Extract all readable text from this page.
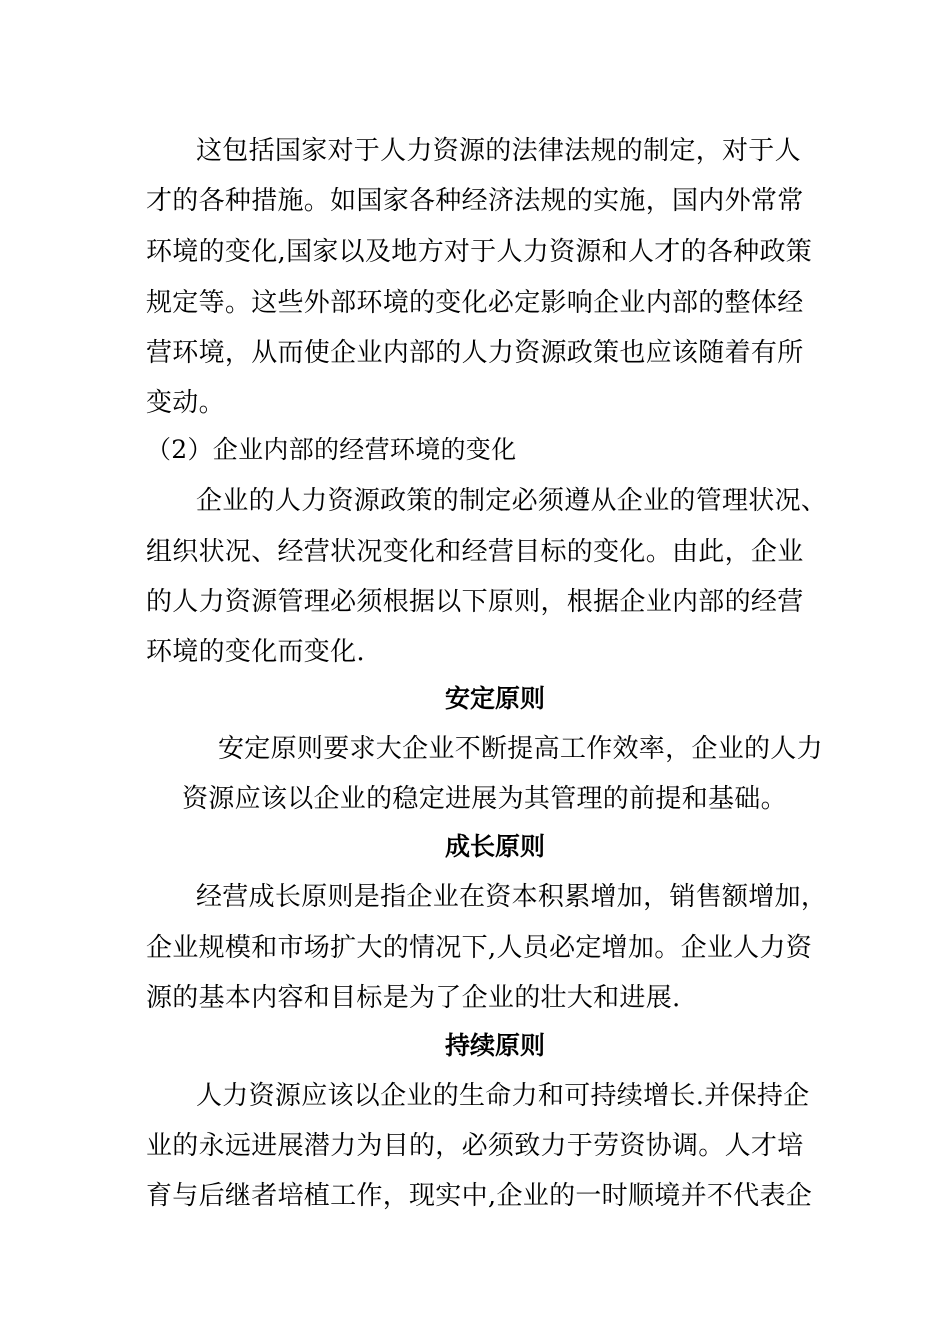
这包括国家对于人力资源的法律法规的制定，对于人
才的各种措施。如国家各种经济法规的实施，国内外常常
环境的变化,国家以及地方对于人力资源和人才的各种政策
规定等。这些外部环境的变化必定影响企业内部的整体经
营环境，从而使企业内部的人力资源政策也应该随着有所
变动。
（2）企业内部的经营环境的变化
企业的人力资源政策的制定必须遵从企业的管理状况、
组织状况、经营状况变化和经营目标的变化。由此，企业
的人力资源管理必须根据以下原则，根据企业内部的经营
环境的变化而变化.
安定原则
安定原则要求大企业不断提高工作效率，企业的人力
资源应该以企业的稳定进展为其管理的前提和基础。
成长原则
经营成长原则是指企业在资本积累增加，销售额增加，
企业规模和市场扩大的情况下,人员必定增加。企业人力资
源的基本内容和目标是为了企业的壮大和进展.
持续原则
人力资源应该以企业的生命力和可持续增长.并保持企
业的永远进展潜力为目的，必须致力于劳资协调。人才培
育与后继者培植工作，现实中,企业的一时顺境并不代表企
